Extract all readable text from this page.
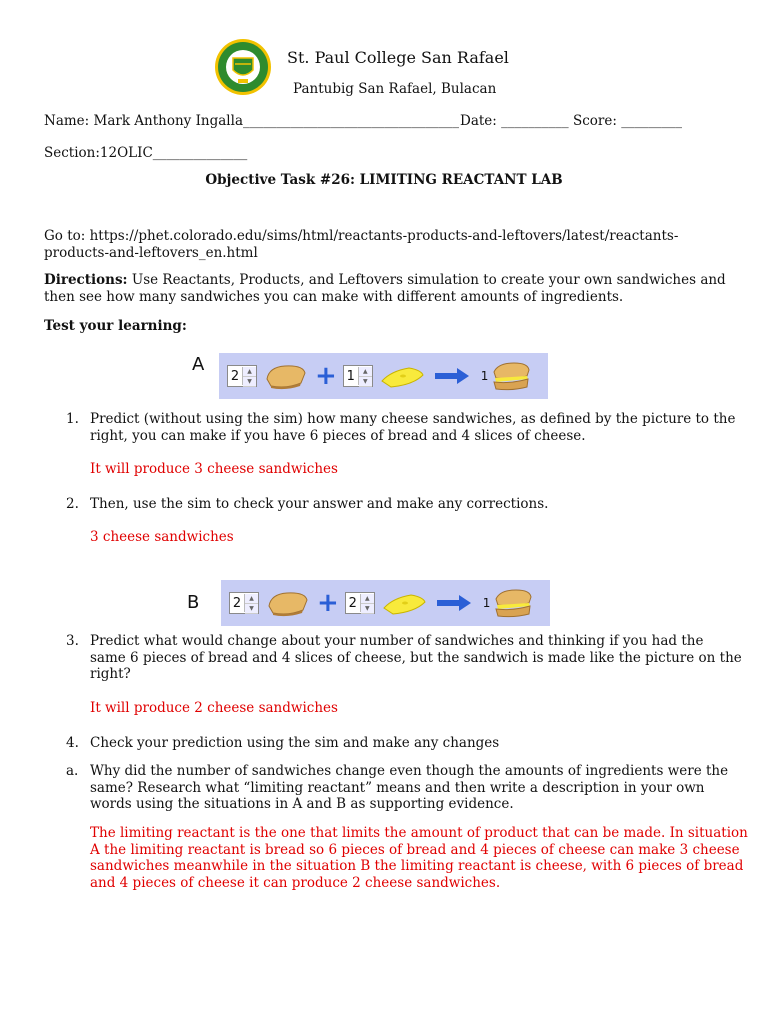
St. Paul College San Rafael
Pantubig San Rafael, Bulacan
Name: Mark Anthony Ingalla________________________________ Date: __________ Score: _________
Section:12OLIC______________
Objective Task #26: LIMITING REACTANT LAB
Go to: https://phet.colorado.edu/sims/html/reactants-products-and-leftovers/latest/reactants-
products-and-leftovers_en.html
Directions: Use Reactants, Products, and Leftovers simulation to create your own sandwiches and
then see how many sandwiches you can make with different amounts of ingredients.
Test your learning:
A
2	▲
▼ + 1	▲
▼	1
1. Predict (without using the sim) how many cheese sandwiches, as defined by the picture to the
right, you can make if you have 6 pieces of bread and 4 slices of cheese.
It will produce 3 cheese sandwiches
2. Then, use the sim to check your answer and make any corrections.
3 cheese sandwiches
B	2	▲
▼ + 2	▲
▼	1
3. Predict what would change about your number of sandwiches and thinking if you had the
same 6 pieces of bread and 4 slices of cheese, but the sandwich is made like the picture on the
right?
It will produce 2 cheese sandwiches
4. Check your prediction using the sim and make any changes
a. Why did the number of sandwiches change even though the amounts of ingredients were the
same? Research what “limiting reactant” means and then write a description in your own
words using the situations in A and B as supporting evidence.
The limiting reactant is the one that limits the amount of product that can be made. In situation
A the limiting reactant is bread so 6 pieces of bread and 4 pieces of cheese can make 3 cheese
sandwiches meanwhile in the situation B the limiting reactant is cheese, with 6 pieces of bread
and 4 pieces of cheese it can produce 2 cheese sandwiches.
